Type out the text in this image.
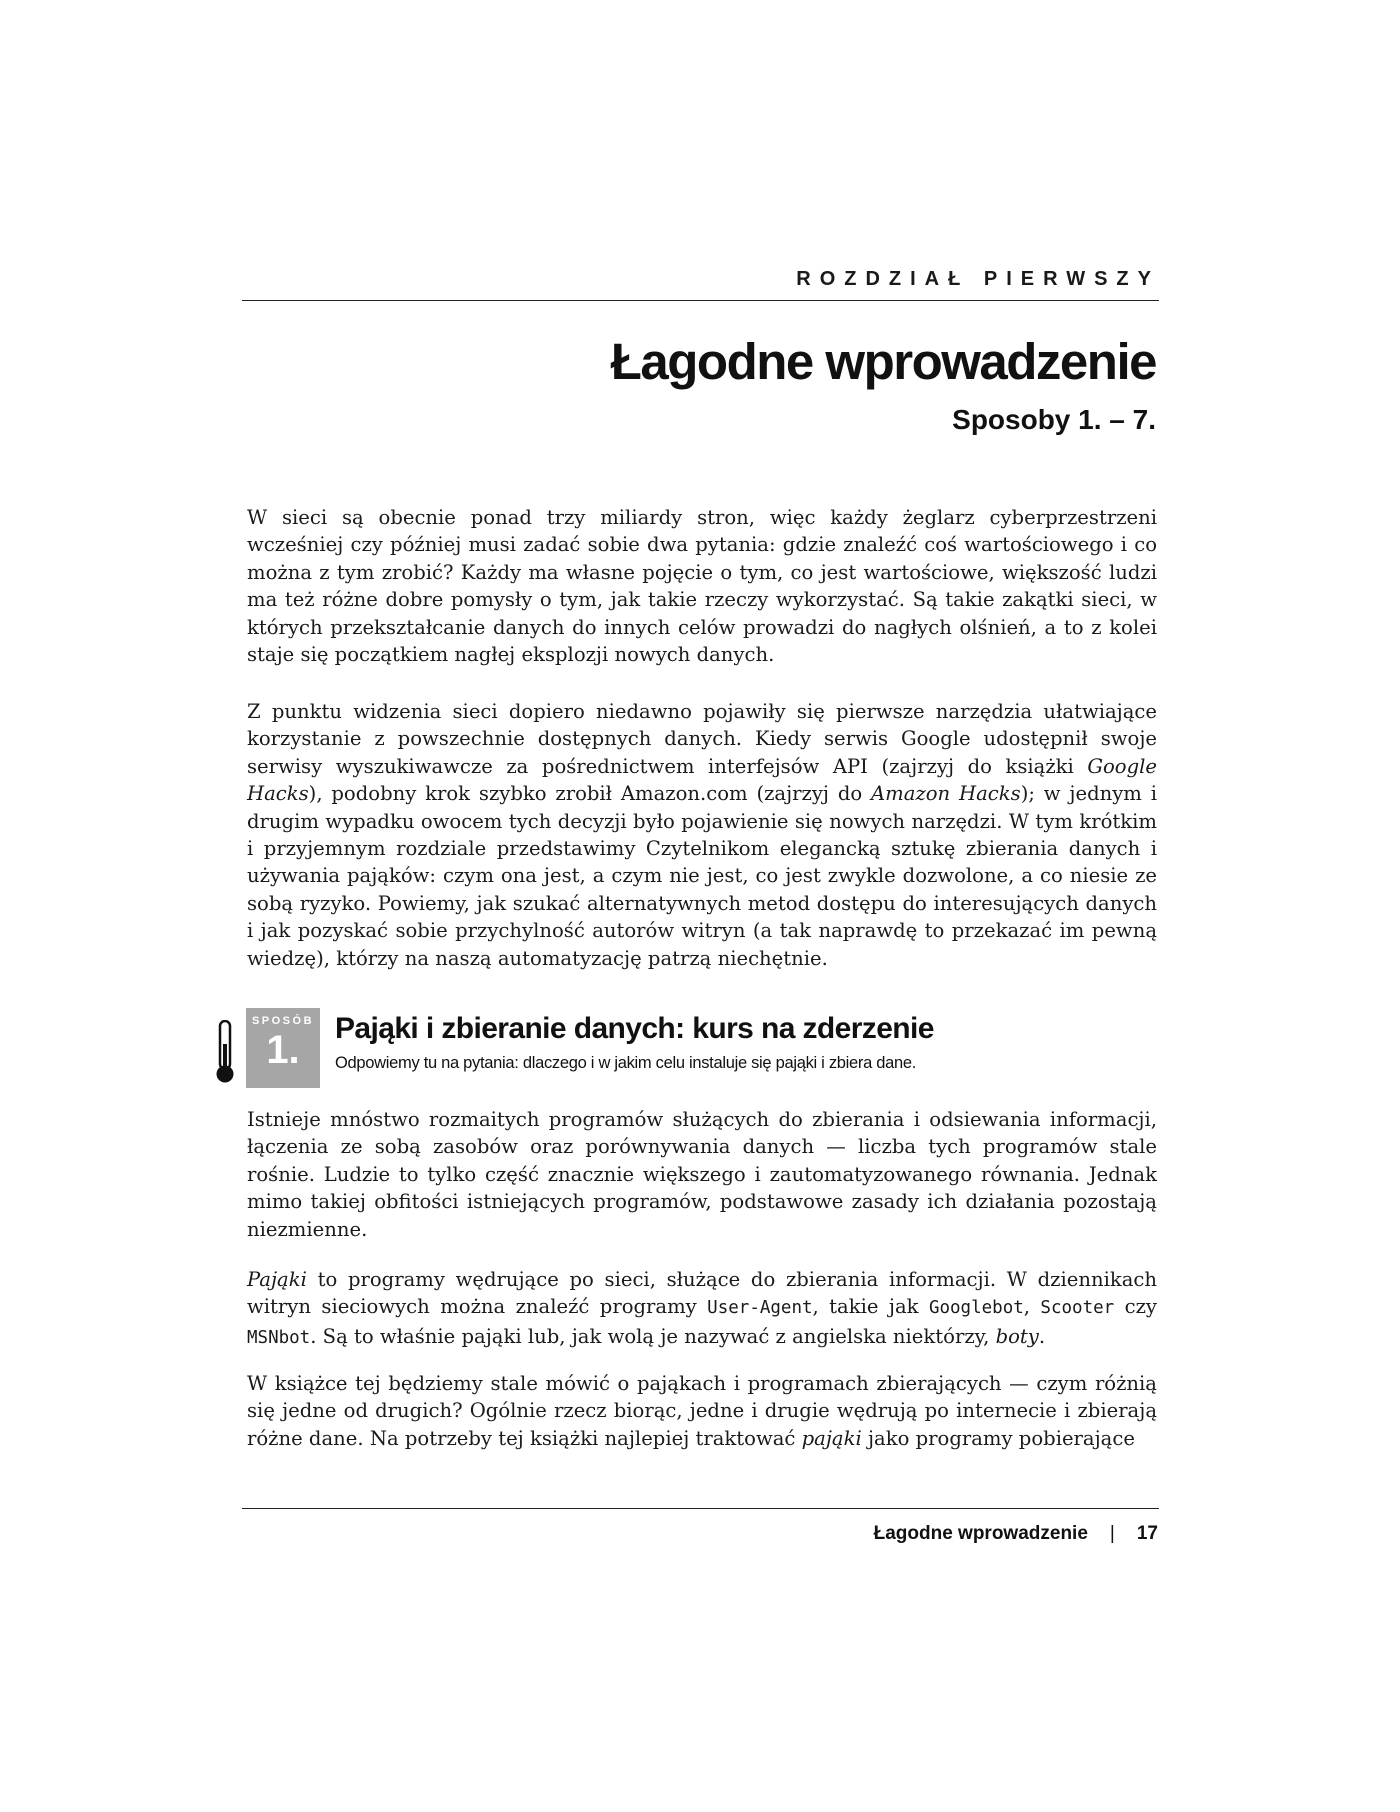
ROZDZIAŁ PIERWSZY
Łagodne wprowadzenie
Sposoby 1. – 7.

W sieci są obecnie ponad trzy miliardy stron, więc każdy żeglarz cyberprzestrzeni wcześniej czy później musi zadać sobie dwa pytania: gdzie znaleźć coś wartościowego i co można z tym zrobić? Każdy ma własne pojęcie o tym, co jest wartościowe, większość ludzi ma też różne dobre pomysły o tym, jak takie rzeczy wykorzystać. Są takie zakątki sieci, w których przekształcanie danych do innych celów prowadzi do nagłych olśnień, a to z kolei staje się początkiem nagłej eksplozji nowych danych.

Z punktu widzenia sieci dopiero niedawno pojawiły się pierwsze narzędzia ułatwiające korzystanie z powszechnie dostępnych danych. Kiedy serwis Google udostępnił swoje serwisy wyszukiwawcze za pośrednictwem interfejsów API (zajrzyj do książki Google Hacks), podobny krok szybko zrobił Amazon.com (zajrzyj do Amazon Hacks); w jednym i drugim wypadku owocem tych decyzji było pojawienie się nowych narzędzi. W tym krótkim i przyjemnym rozdziale przedstawimy Czytelnikom elegancką sztukę zbierania danych i używania pająków: czym ona jest, a czym nie jest, co jest zwykle dozwolone, a co niesie ze sobą ryzyko. Powiemy, jak szukać alternatywnych metod dostępu do interesujących danych i jak pozyskać sobie przychylność autorów witryn (a tak naprawdę to przekazać im pewną wiedzę), którzy na naszą automatyzację patrzą niechętnie.

SPOSÓB
1.	Pająki i zbieranie danych: kurs na zderzenie
Odpowiemy tu na pytania: dlaczego i w jakim celu instaluje się pająki i zbiera dane.

Istnieje mnóstwo rozmaitych programów służących do zbierania i odsiewania informacji, łączenia ze sobą zasobów oraz porównywania danych — liczba tych programów stale rośnie. Ludzie to tylko część znacznie większego i zautomatyzowanego równania. Jednak mimo takiej obfitości istniejących programów, podstawowe zasady ich działania pozostają niezmienne.

Pająki to programy wędrujące po sieci, służące do zbierania informacji. W dziennikach witryn sieciowych można znaleźć programy User-Agent, takie jak Googlebot, Scooter czy MSNbot. Są to właśnie pająki lub, jak wolą je nazywać z angielska niektórzy, boty.

W książce tej będziemy stale mówić o pająkach i programach zbierających — czym różnią się jedne od drugich? Ogólnie rzecz biorąc, jedne i drugie wędrują po internecie i zbierają różne dane. Na potrzeby tej książki najlepiej traktować pająki jako programy pobierające

Łagodne wprowadzenie | 17
